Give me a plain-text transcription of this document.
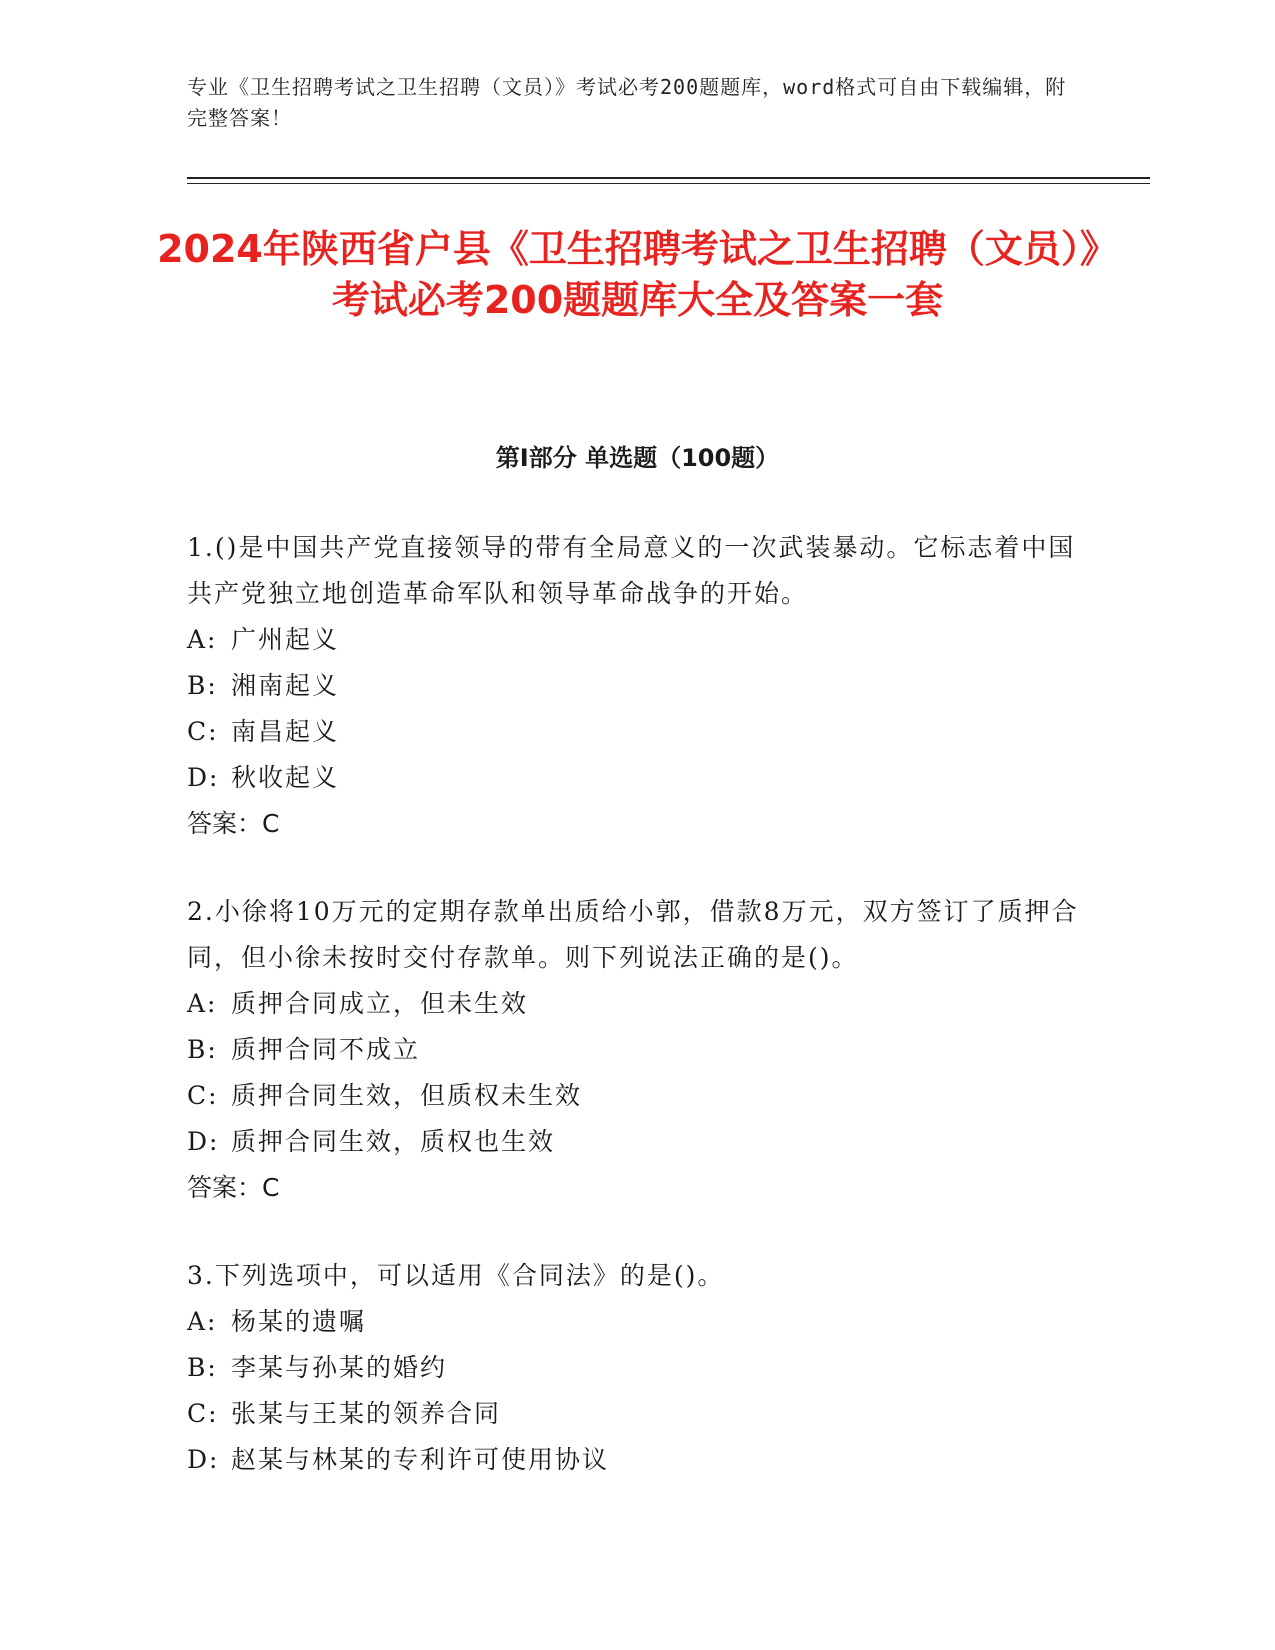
专业《卫生招聘考试之卫生招聘（文员）》考试必考200题题库，word格式可自由下载编辑，附完整答案！
2024年陕西省户县《卫生招聘考试之卫生招聘（文员）》考试必考200题题库大全及答案一套
第Ⅰ部分 单选题（100题）

1.()是中国共产党直接领导的带有全局意义的一次武装暴动。它标志着中国共产党独立地创造革命军队和领导革命战争的开始。

A: 广州起义

B: 湘南起义

C: 南昌起义

D: 秋收起义

答案：C

2.小徐将10万元的定期存款单出质给小郭，借款8万元，双方签订了质押合同，但小徐未按时交付存款单。则下列说法正确的是()。

A: 质押合同成立，但未生效

B: 质押合同不成立

C: 质押合同生效，但质权未生效

D: 质押合同生效，质权也生效

答案：C

3.下列选项中，可以适用《合同法》的是()。

A: 杨某的遗嘱

B: 李某与孙某的婚约

C: 张某与王某的领养合同

D: 赵某与林某的专利许可使用协议
